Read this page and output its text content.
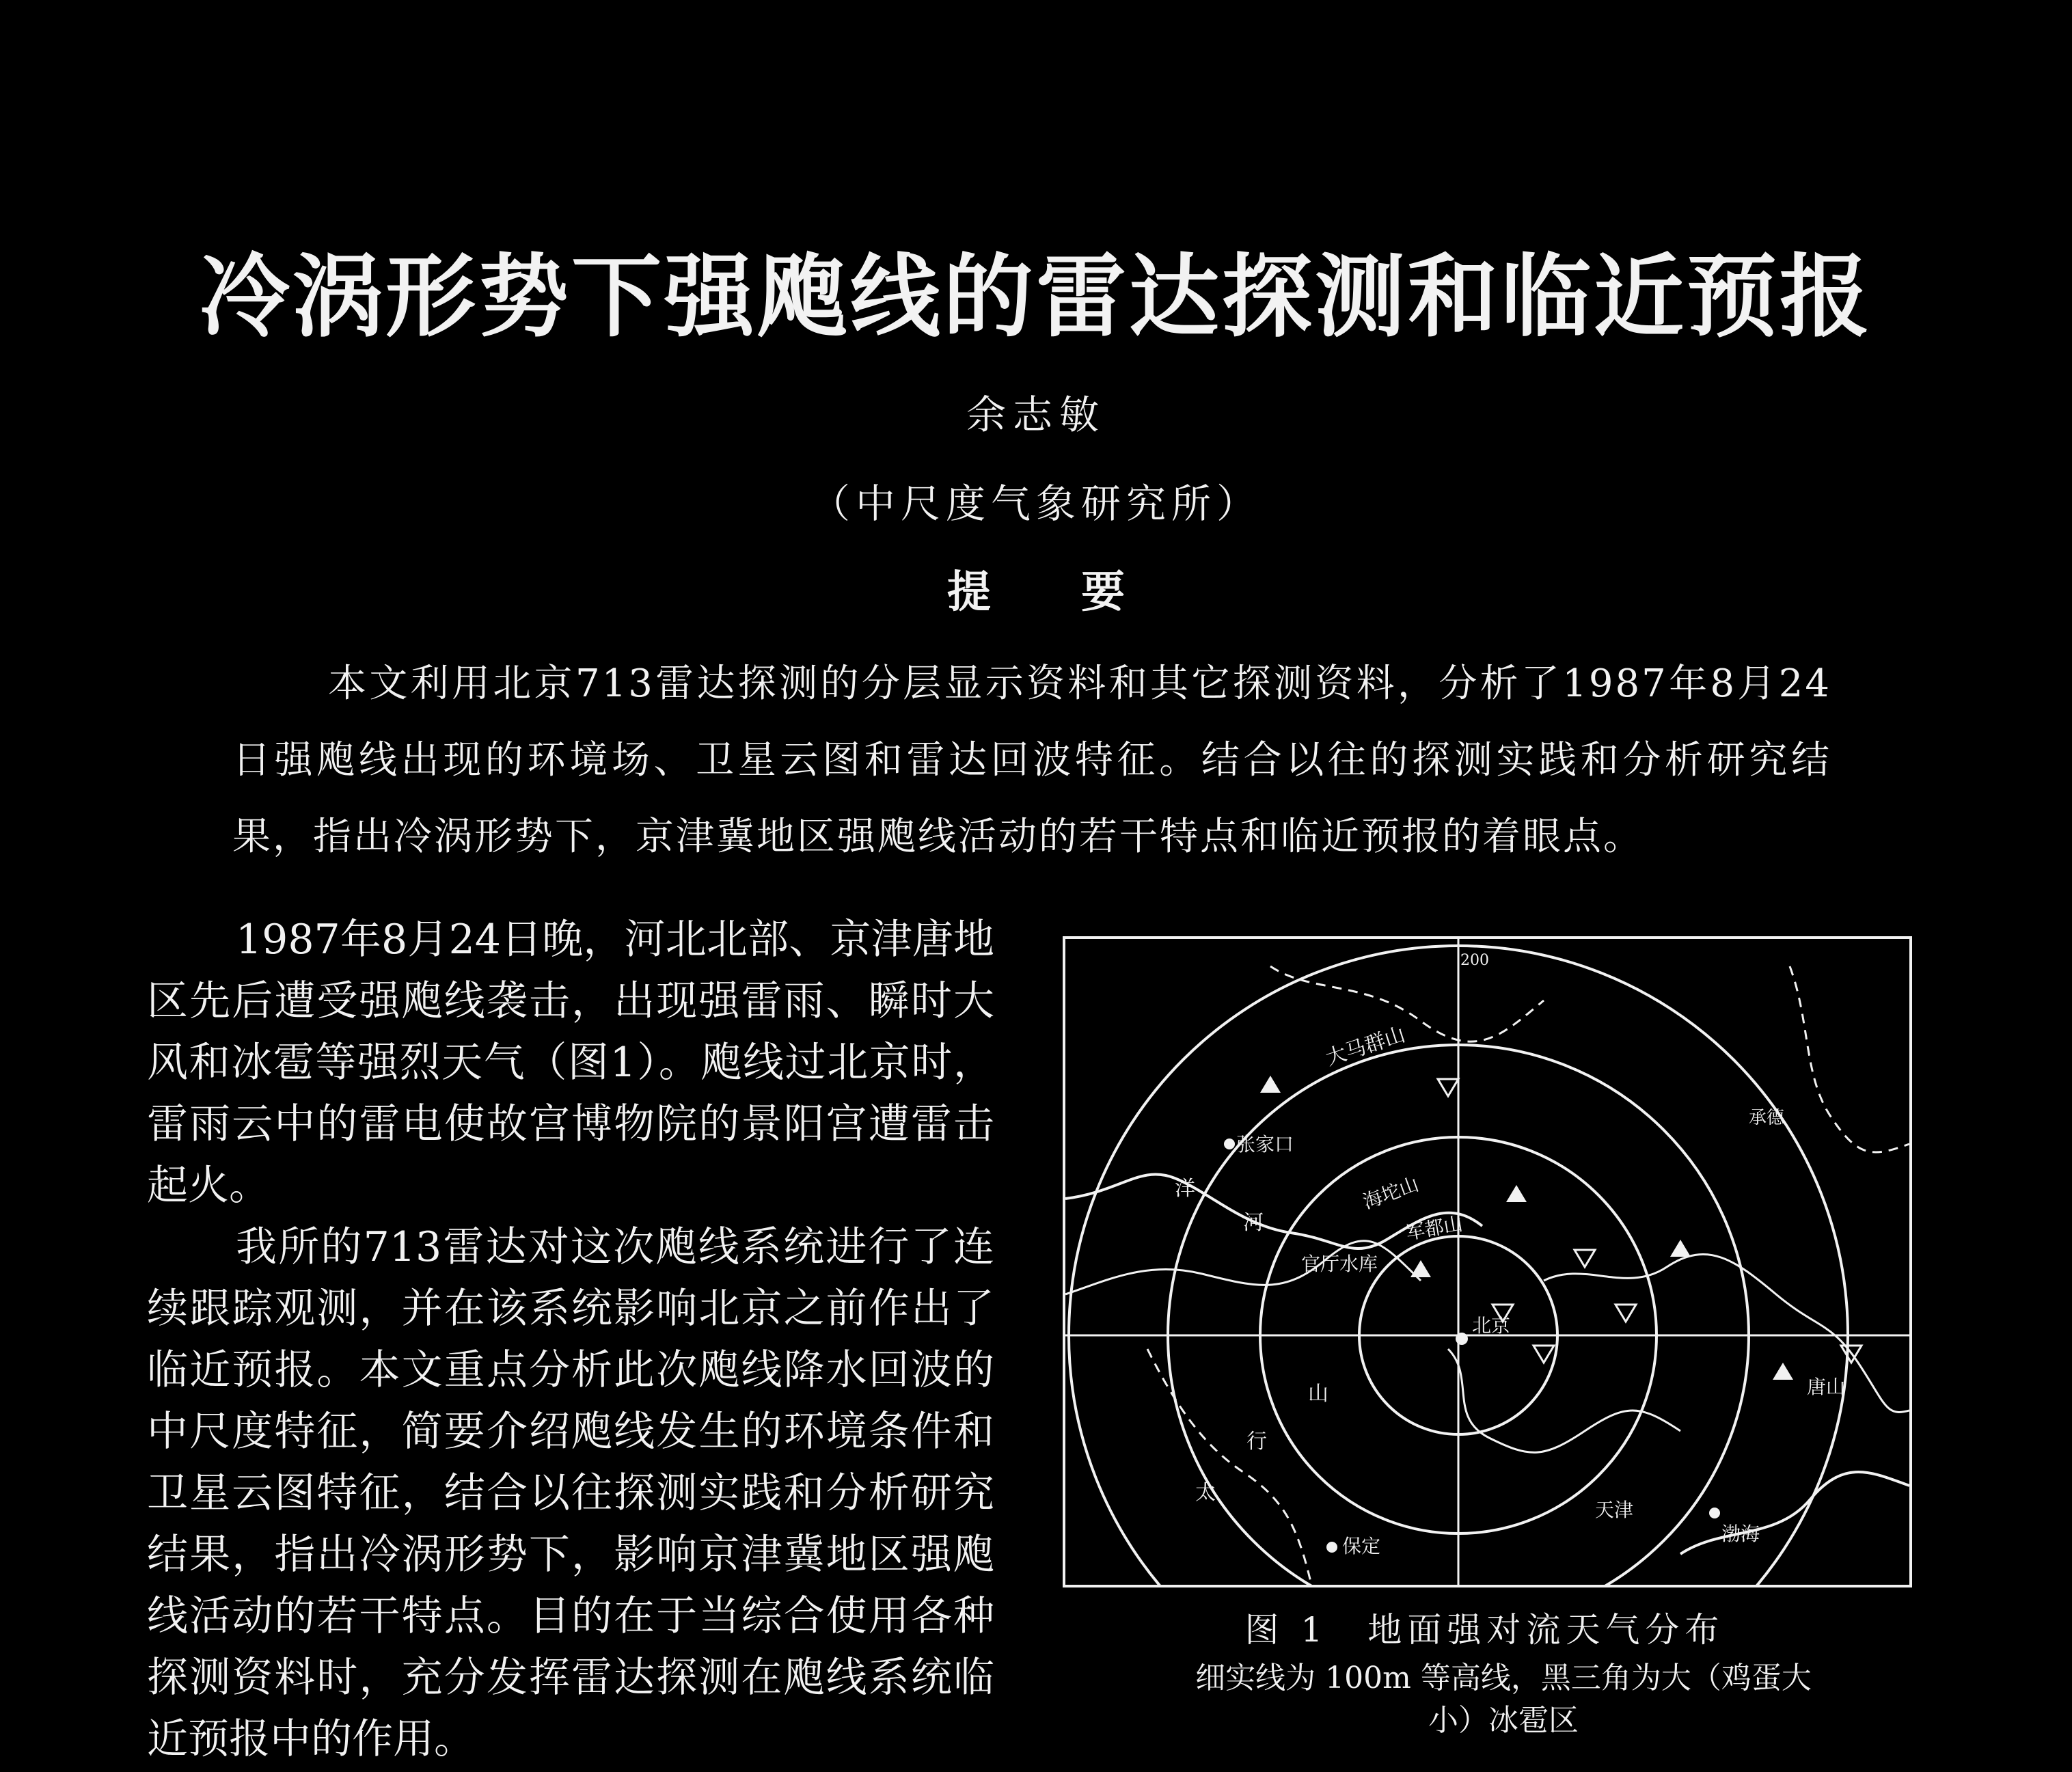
冷涡形势下强飑线的雷达探测和临近预报
余志敏
（中尺度气象研究所）
提 要
本文利用北京713雷达探测的分层显示资料和其它探测资料，分析了1987年8月24日强飑线出现的环境场、卫星云图和雷达回波特征。结合以往的探测实践和分析研究结果，指出冷涡形势下，京津冀地区强飑线活动的若干特点和临近预报的着眼点。

1987年8月24日晚，河北北部、京津唐地区先后遭受强飑线袭击，出现强雷雨、瞬时大风和冰雹等强烈天气（图1）。飑线过北京时，雷雨云中的雷电使故宫博物院的景阳宫遭雷击起火。

我所的713雷达对这次飑线系统进行了连续跟踪观测，并在该系统影响北京之前作出了临近预报。本文重点分析此次飑线降水回波的中尺度特征，简要介绍飑线发生的环境条件和卫星云图特征，结合以往探测实践和分析研究结果，指出冷涡形势下，影响京津冀地区强飑线活动的若干特点。目的在于当综合使用各种探测资料时，充分发挥雷达探测在飑线系统临近预报中的作用。

200
大马群山
张家口
承德
海坨山
军都山
官厅水库
北京
洋
河
太
行
山	唐山
天津
渤海
保定
图 1　地面强对流天气分布
细实线为 100m 等高线，黑三角为大（鸡蛋大小）冰雹区
